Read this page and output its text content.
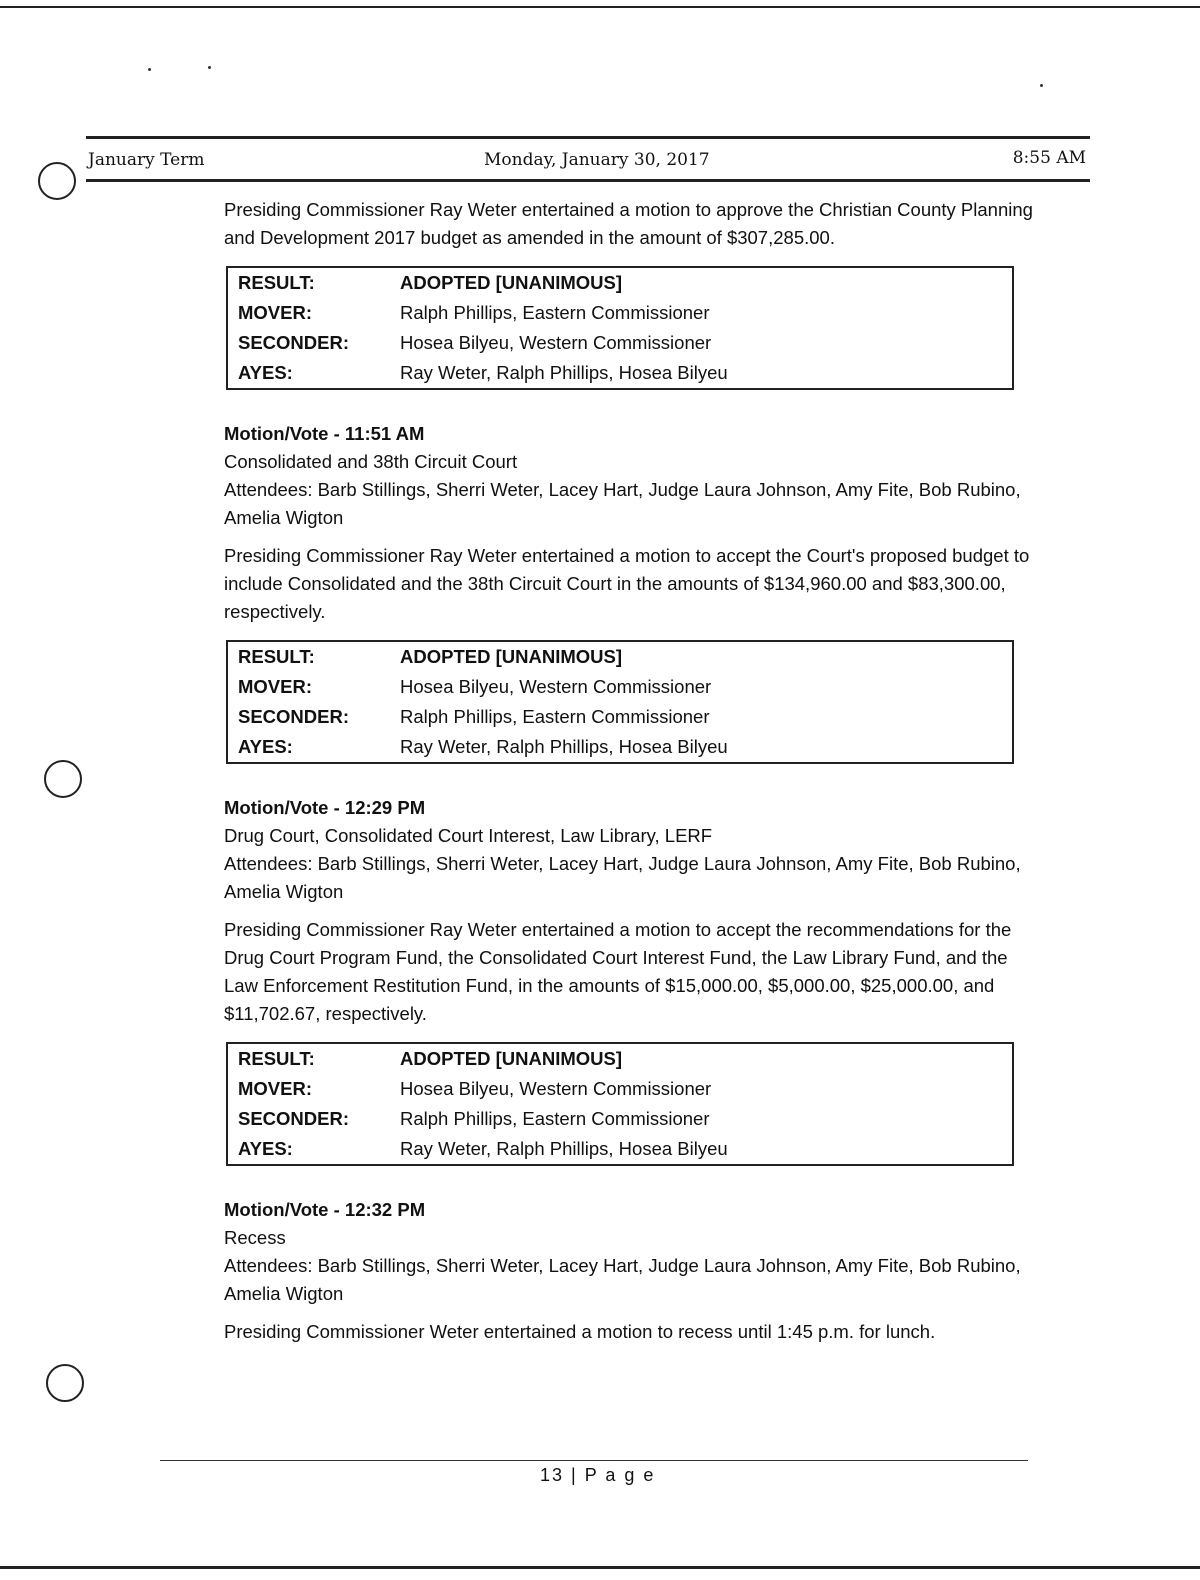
January Term	Monday, January 30, 2017	8:55 AM

Presiding Commissioner Ray Weter entertained a motion to approve the Christian County Planning and Development 2017 budget as amended in the amount of $307,285.00.

RESULT:	ADOPTED [UNANIMOUS]
MOVER:	Ralph Phillips, Eastern Commissioner
SECONDER:	Hosea Bilyeu, Western Commissioner
AYES:	Ray Weter, Ralph Phillips, Hosea Bilyeu

Motion/Vote - 11:51 AM

Consolidated and 38th Circuit Court

Attendees: Barb Stillings, Sherri Weter, Lacey Hart, Judge Laura Johnson, Amy Fite, Bob Rubino, Amelia Wigton

Presiding Commissioner Ray Weter entertained a motion to accept the Court's proposed budget to include Consolidated and the 38th Circuit Court in the amounts of $134,960.00 and $83,300.00, respectively.

RESULT:	ADOPTED [UNANIMOUS]
MOVER:	Hosea Bilyeu, Western Commissioner
SECONDER:	Ralph Phillips, Eastern Commissioner
AYES:	Ray Weter, Ralph Phillips, Hosea Bilyeu

Motion/Vote - 12:29 PM

Drug Court, Consolidated Court Interest, Law Library, LERF

Attendees: Barb Stillings, Sherri Weter, Lacey Hart, Judge Laura Johnson, Amy Fite, Bob Rubino, Amelia Wigton

Presiding Commissioner Ray Weter entertained a motion to accept the recommendations for the Drug Court Program Fund, the Consolidated Court Interest Fund, the Law Library Fund, and the Law Enforcement Restitution Fund, in the amounts of $15,000.00, $5,000.00, $25,000.00, and $11,702.67, respectively.

RESULT:	ADOPTED [UNANIMOUS]
MOVER:	Hosea Bilyeu, Western Commissioner
SECONDER:	Ralph Phillips, Eastern Commissioner
AYES:	Ray Weter, Ralph Phillips, Hosea Bilyeu

Motion/Vote - 12:32 PM

Recess

Attendees: Barb Stillings, Sherri Weter, Lacey Hart, Judge Laura Johnson, Amy Fite, Bob Rubino, Amelia Wigton

Presiding Commissioner Weter entertained a motion to recess until 1:45 p.m. for lunch.

13 | P a g e
